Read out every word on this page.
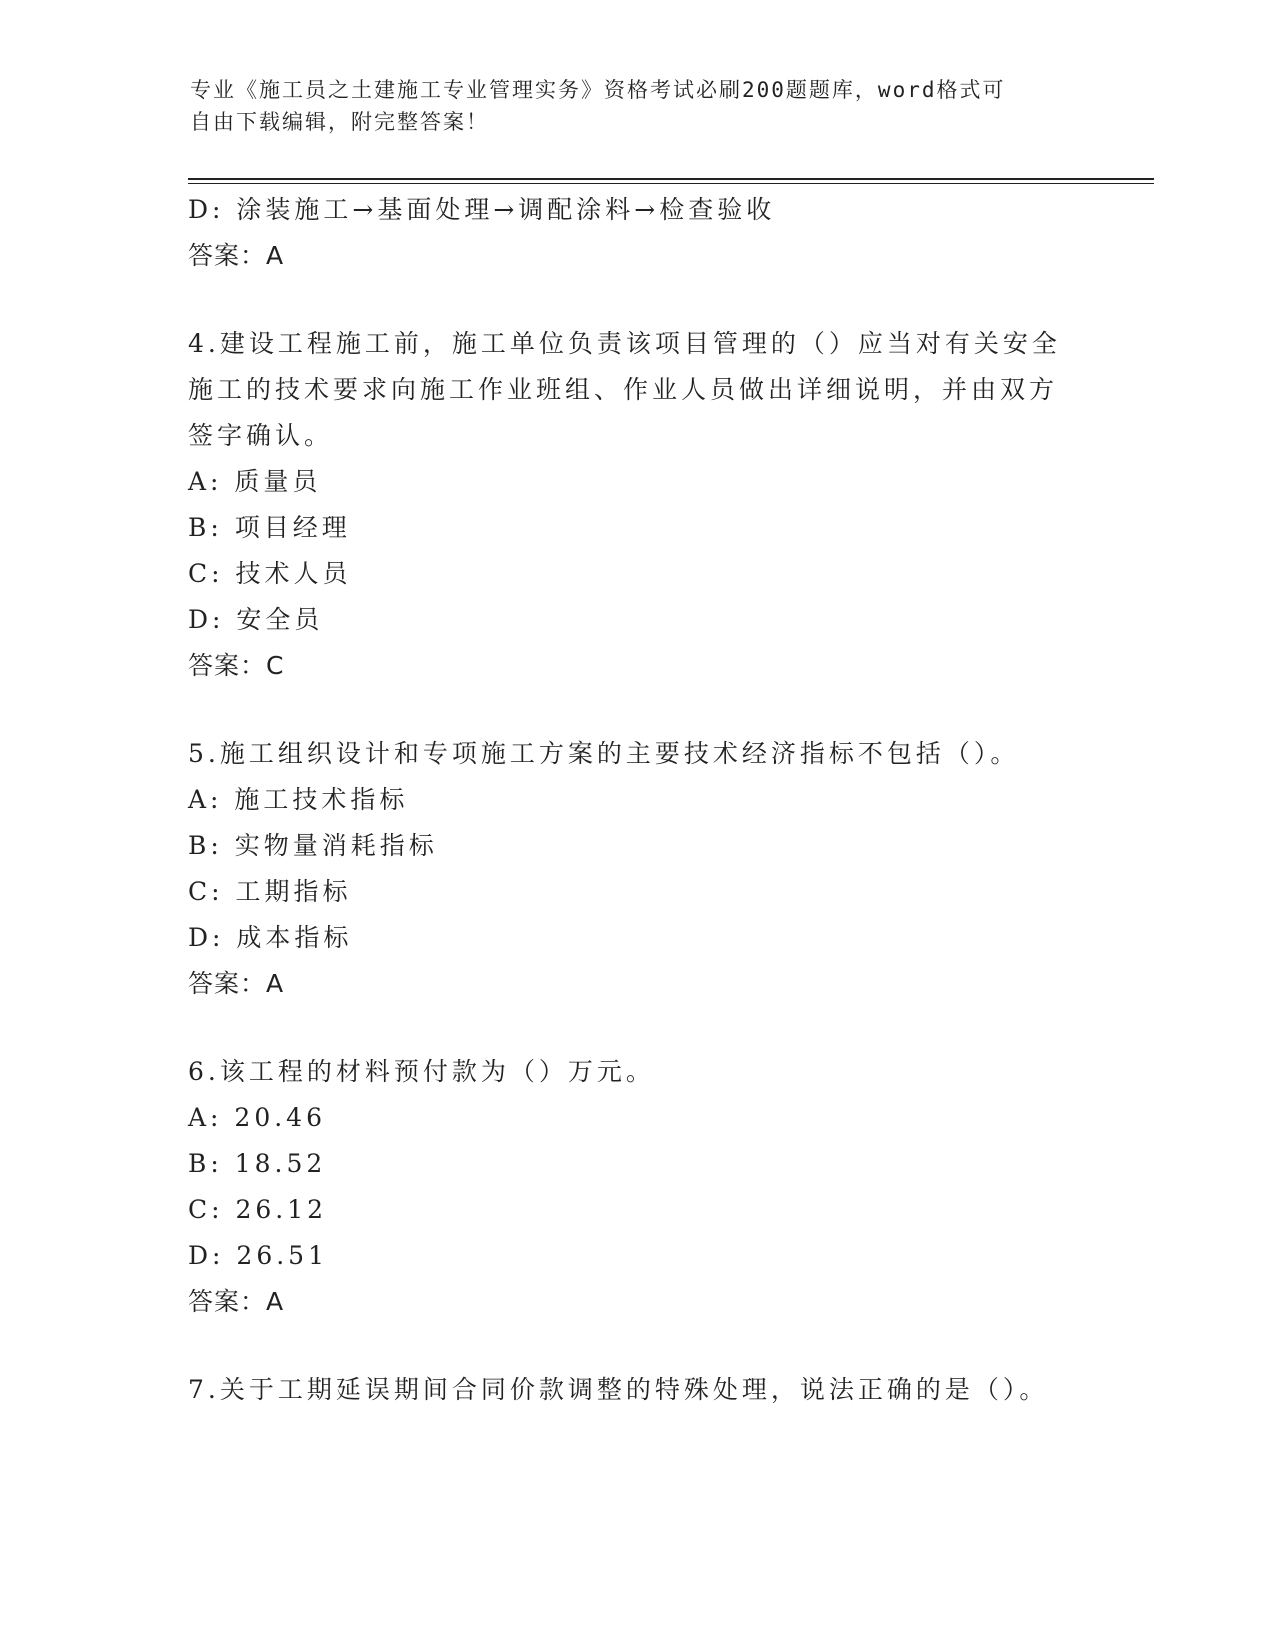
专业《施工员之土建施工专业管理实务》资格考试必刷200题题库，word格式可
自由下载编辑，附完整答案！
D: 涂装施工→基面处理→调配涂料→检查验收
答案：A
4.建设工程施工前，施工单位负责该项目管理的（）应当对有关安全
施工的技术要求向施工作业班组、作业人员做出详细说明，并由双方
签字确认。
A: 质量员
B: 项目经理
C: 技术人员
D: 安全员
答案：C
5.施工组织设计和专项施工方案的主要技术经济指标不包括（）。
A: 施工技术指标
B: 实物量消耗指标
C: 工期指标
D: 成本指标
答案：A
6.该工程的材料预付款为（）万元。
A: 20.46
B: 18.52
C: 26.12
D: 26.51
答案：A
7.关于工期延误期间合同价款调整的特殊处理，说法正确的是（）。
